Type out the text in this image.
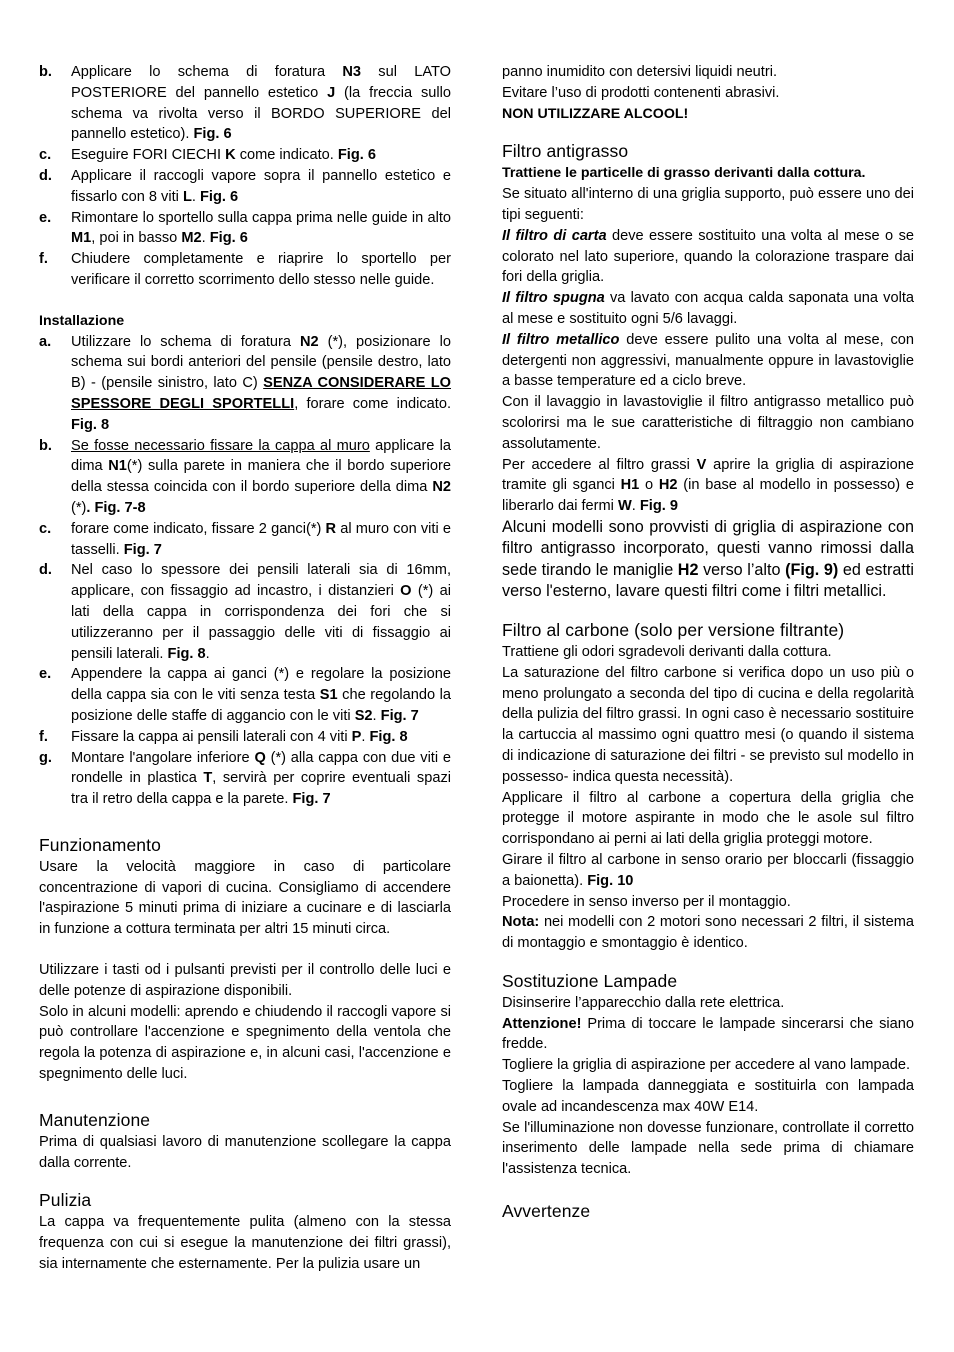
b.	Applicare lo schema di foratura N3 sul LATO POSTERIORE del pannello estetico J (la freccia sullo schema va rivolta verso il BORDO SUPERIORE del pannello estetico). Fig. 6
c.	Eseguire FORI CIECHI K come indicato. Fig. 6
d.	Applicare il raccogli vapore sopra il pannello estetico e fissarlo con 8 viti L. Fig. 6
e.	Rimontare lo sportello sulla cappa prima nelle guide in alto M1, poi in basso M2. Fig. 6
f.	Chiudere completamente e riaprire lo sportello per verificare il corretto scorrimento dello stesso nelle guide.

Installazione

a.	Utilizzare lo schema di foratura N2 (*), posizionare lo schema sui bordi anteriori del pensile (pensile destro, lato B) - (pensile sinistro, lato C) SENZA CONSIDERARE LO SPESSORE DEGLI SPORTELLI, forare come indicato. Fig. 8
b.	Se fosse necessario fissare la cappa al muro applicare la dima N1(*) sulla parete in maniera che il bordo superiore della stessa coincida con il bordo superiore della dima N2 (*). Fig. 7-8
c.	forare come indicato, fissare 2 ganci(*) R al muro con viti e tasselli. Fig. 7
d.	Nel caso lo spessore dei pensili laterali sia di 16mm, applicare, con fissaggio ad incastro, i distanzieri O (*) ai lati della cappa in corrispondenza dei fori che si utilizzeranno per il passaggio delle viti di fissaggio ai pensili laterali. Fig. 8.
e.	Appendere la cappa ai ganci (*) e regolare la posizione della cappa sia con le viti senza testa S1 che regolando la posizione delle staffe di aggancio con le viti S2. Fig. 7
f.	Fissare la cappa ai pensili laterali con 4 viti P. Fig. 8
g.	Montare l'angolare inferiore Q (*) alla cappa con due viti e rondelle in plastica T, servirà per coprire eventuali spazi tra il retro della cappa e la parete. Fig. 7
Funzionamento

Usare la velocità maggiore in caso di particolare concentrazione di vapori di cucina. Consigliamo di accendere l'aspirazione 5 minuti prima di iniziare a cucinare e di lasciarla in funzione a cottura terminata per altri 15 minuti circa.

Utilizzare i tasti od i pulsanti previsti per il controllo delle luci e delle potenze di aspirazione disponibili.

Solo in alcuni modelli: aprendo e chiudendo il raccogli vapore si può controllare l'accenzione e spegnimento della ventola che regola la potenza di aspirazione e, in alcuni casi, l'accenzione e spegnimento delle luci.

Manutenzione

Prima di qualsiasi lavoro di manutenzione scollegare la cappa dalla corrente.

Pulizia

La cappa va frequentemente pulita (almeno con la stessa frequenza con cui si esegue la manutenzione dei filtri grassi), sia internamente che esternamente. Per la pulizia usare un

panno inumidito con detersivi liquidi neutri.

Evitare l’uso di prodotti contenenti abrasivi.

NON UTILIZZARE ALCOOL!

Filtro antigrasso

Trattiene le particelle di grasso derivanti dalla cottura.

Se situato all'interno di una griglia supporto, può essere uno dei tipi seguenti:

Il filtro di carta deve essere sostituito una volta al mese o se colorato nel lato superiore, quando la colorazione traspare dai fori della griglia.

Il filtro spugna va lavato con acqua calda saponata una volta al mese e sostituito ogni 5/6 lavaggi.

Il filtro metallico deve essere pulito una volta al mese, con detergenti non aggressivi, manualmente oppure in lavastoviglie a basse temperature ed a ciclo breve.

Con il lavaggio in lavastoviglie il filtro antigrasso metallico può scolorirsi ma le sue caratteristiche di filtraggio non cambiano assolutamente.

Per accedere al filtro grassi V aprire la griglia di aspirazione tramite gli sganci H1 o H2 (in base al modello in possesso) e liberarlo dai fermi W. Fig. 9

Alcuni modelli sono provvisti di griglia di aspirazione con filtro antigrasso incorporato, questi vanno rimossi dalla sede tirando le maniglie H2 verso l’alto (Fig. 9) ed estratti verso l'esterno, lavare questi filtri come i filtri metallici.

Filtro al carbone (solo per versione filtrante)

Trattiene gli odori sgradevoli derivanti dalla cottura.

La saturazione del filtro carbone si verifica dopo un uso più o meno prolungato a seconda del tipo di cucina e della regolarità della pulizia del filtro grassi. In ogni caso è necessario sostituire la cartuccia al massimo ogni quattro mesi (o quando il sistema di indicazione di saturazione dei filtri - se previsto sul modello in possesso- indica questa necessità).

Applicare il filtro al carbone a copertura della griglia che protegge il motore aspirante in modo che le asole sul filtro corrispondano ai perni ai lati della griglia proteggi motore.

Girare il filtro al carbone in senso orario per bloccarli (fissaggio a baionetta). Fig. 10

Procedere in senso inverso per il montaggio.

Nota: nei modelli con 2 motori sono necessari 2 filtri, il sistema di montaggio e smontaggio è identico.

Sostituzione Lampade

Disinserire l’apparecchio dalla rete elettrica.

Attenzione! Prima di toccare le lampade sincerarsi che siano fredde.

Togliere la griglia di aspirazione per accedere al vano lampade.

Togliere la lampada danneggiata e sostituirla con lampada ovale ad incandescenza max 40W E14.

Se l'illuminazione non dovesse funzionare, controllate il corretto inserimento delle lampade nella sede prima di chiamare l'assistenza tecnica.

Avvertenze
